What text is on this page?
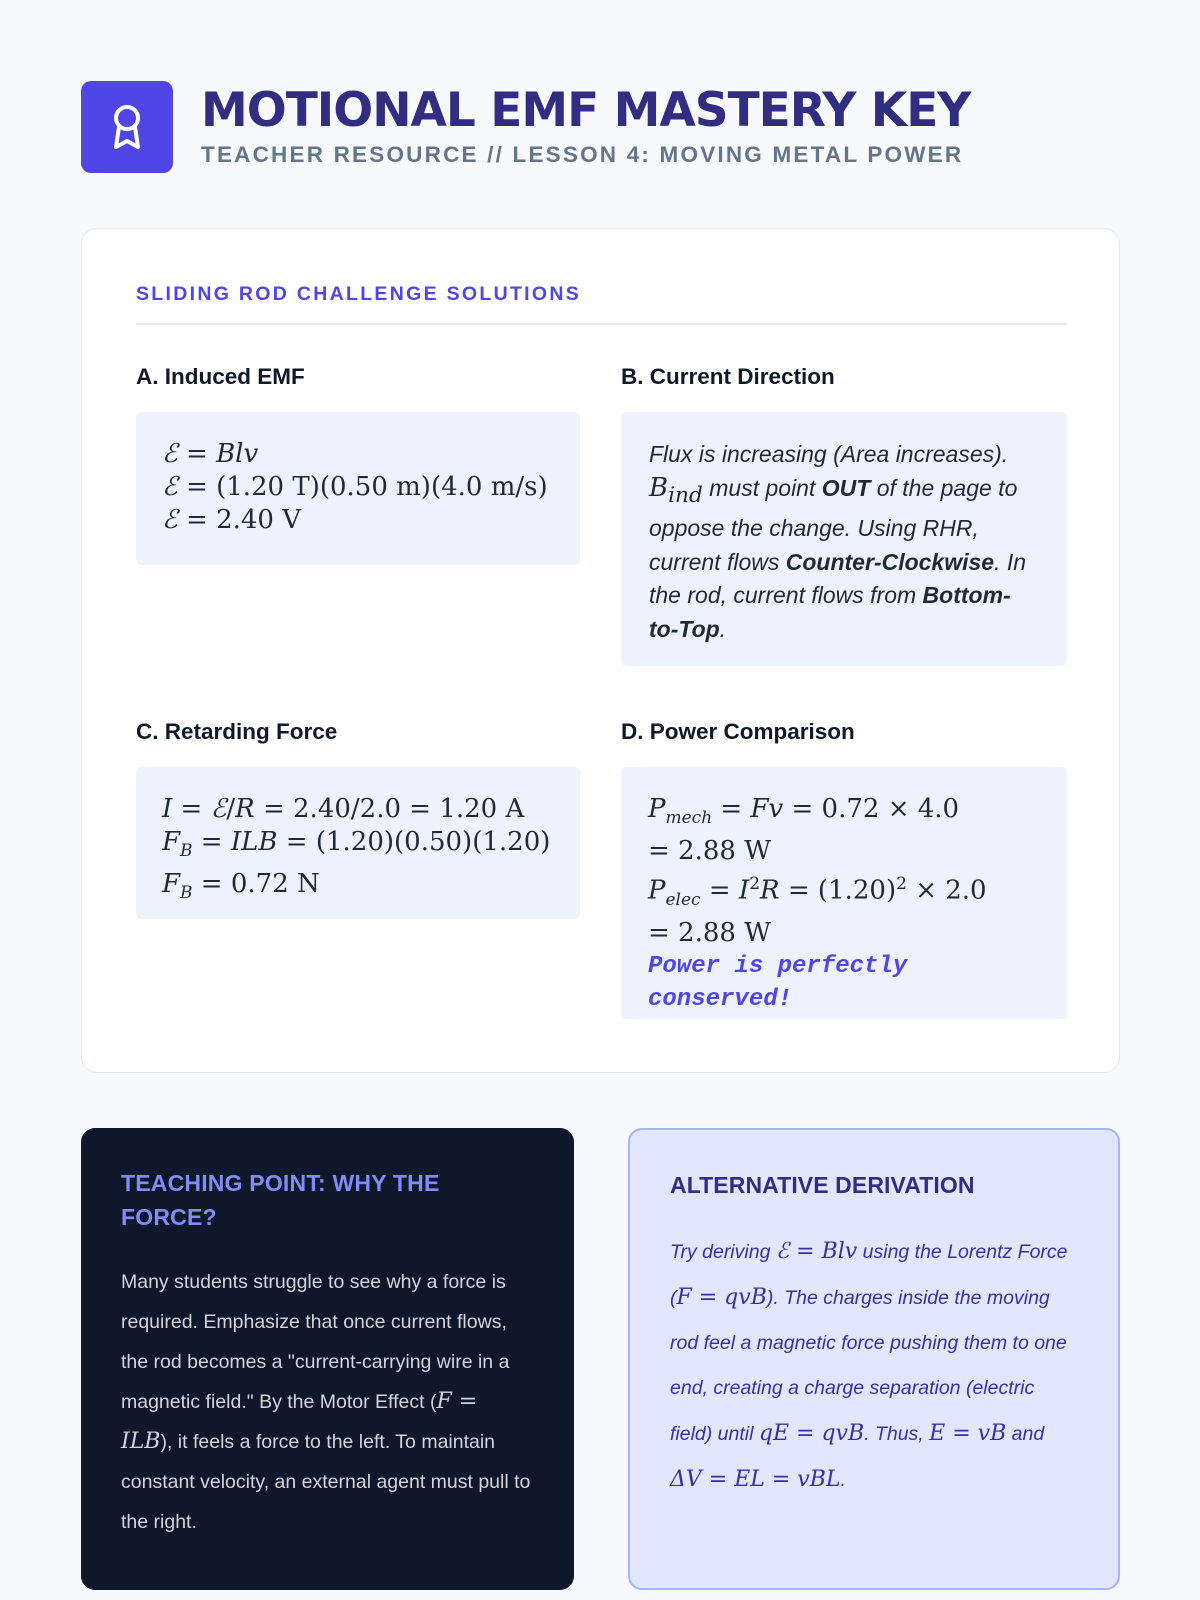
MOTIONAL EMF MASTERY KEY
TEACHER RESOURCE // LESSON 4: MOVING METAL POWER
SLIDING ROD CHALLENGE SOLUTIONS
A. Induced EMF
ℰ = Blv
ℰ = (1.20 T)(0.50 m)(4.0 m/s)
ℰ = 2.40 V
B. Current Direction
Flux is increasing (Area increases). $B_{ind}$ must point OUT of the page to oppose the change. Using RHR, current flows Counter-Clockwise. In the rod, current flows from Bottom-to-Top.
C. Retarding Force
I = ℰ/R = 2.40/2.0 = 1.20 A
$F_B$ = ILB = (1.20)(0.50)(1.20)
$F_B = 0.72$ N
D. Power Comparison
$P_{mech} = Fv = 0.72 \times 4.0$
= 2.88 W
$P_{elec} = I^2R = (1.20)^2 \times 2.0$
= 2.88 W
Power is perfectly conserved!
TEACHING POINT: WHY THE FORCE?
Many students struggle to see why a force is required. Emphasize that once current flows, the rod becomes a "current-carrying wire in a magnetic field." By the Motor Effect (F = ILB), it feels a force to the left. To maintain constant velocity, an external agent must pull to the right.
ALTERNATIVE DERIVATION
Try deriving ℰ = Blv using the Lorentz Force (F = qvB). The charges inside the moving rod feel a magnetic force pushing them to one end, creating a charge separation (electric field) until qE = qvB. Thus, E = vB and ΔV = EL = vBL.
